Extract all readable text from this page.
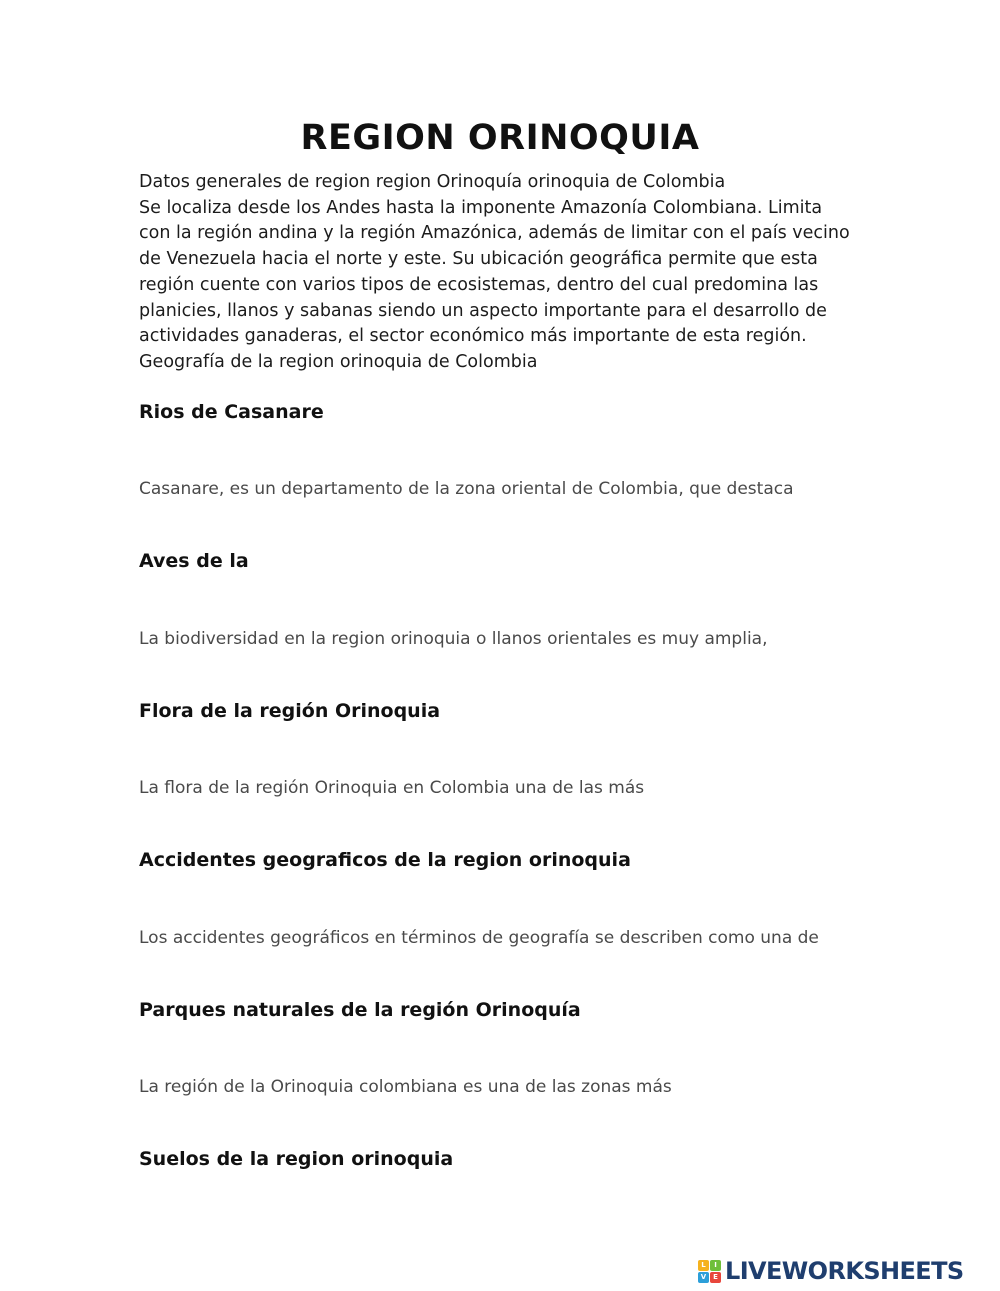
REGION ORINOQUIA

Datos generales de region region Orinoquía orinoquia de Colombia

Se localiza desde los Andes hasta la imponente Amazonía Colombiana. Limita con la región andina y la región Amazónica, además de limitar con el país vecino de Venezuela hacia el norte y este. Su ubicación geográfica permite que esta región cuente con varios tipos de ecosistemas, dentro del cual predomina las planicies, llanos y sabanas siendo un aspecto importante para el desarrollo de actividades ganaderas, el sector económico más importante de esta región.

Geografía de la region orinoquia de Colombia

Rios de Casanare

Casanare, es un departamento de la zona oriental de Colombia, que destaca

Aves de la

La biodiversidad en la region orinoquia o llanos orientales es muy amplia,

Flora de la región Orinoquia

La flora de la región Orinoquia en Colombia una de las más

Accidentes geograficos de la region orinoquia

Los accidentes geográficos en términos de geografía se describen como una de

Parques naturales de la región Orinoquía

La región de la Orinoquia colombiana es una de las zonas más

Suelos de la region orinoquia
L	I
V E LIVEWORKSHEETS
